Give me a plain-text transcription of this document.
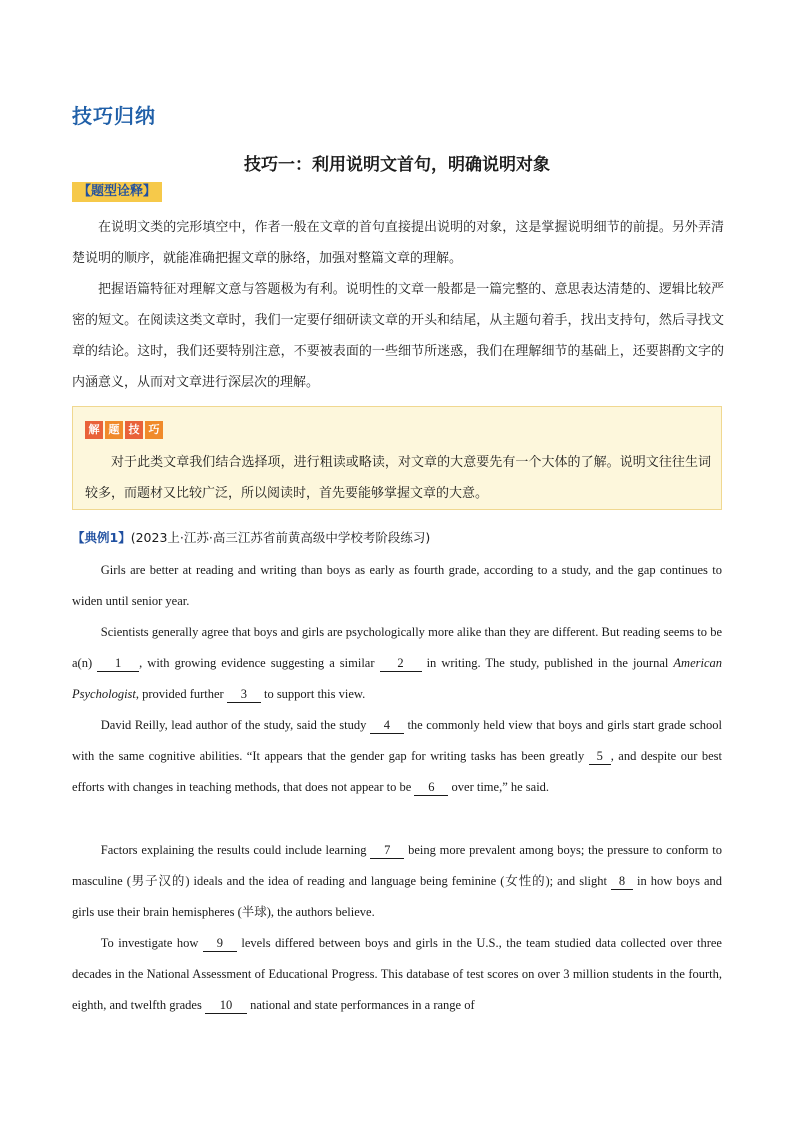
技巧归纳
技巧一：利用说明文首句，明确说明对象
【题型诠释】

在说明文类的完形填空中，作者一般在文章的首句直接提出说明的对象，这是掌握说明细节的前提。另外弄清楚说明的顺序，就能准确把握文章的脉络，加强对整篇文章的理解。

把握语篇特征对理解文意与答题极为有利。说明性的文章一般都是一篇完整的、意思表达清楚的、逻辑比较严密的短文。在阅读这类文章时，我们一定要仔细研读文章的开头和结尾，从主题句着手，找出支持句，然后寻找文章的结论。这时，我们还要特别注意，不要被表面的一些细节所迷惑，我们在理解细节的基础上，还要斟酌文字的内涵意义，从而对文章进行深层次的理解。

解 题 技 巧

对于此类文章我们结合选择项，进行粗读或略读，对文章的大意要先有一个大体的了解。说明文往往生词较多，而题材又比较广泛，所以阅读时，首先要能够掌握文章的大意。

【典例1】(2023上·江苏·高三江苏省前黄高级中学校考阶段练习)

Girls are better at reading and writing than boys as early as fourth grade, according to a study, and the gap continues to widen until senior year.

Scientists generally agree that boys and girls are psychologically more alike than they are different. But reading seems to be a(n) 1 , with growing evidence suggesting a similar 2 in writing. The study, published in the journal American Psychologist, provided further 3 to support this view.

David Reilly, lead author of the study, said the study 4 the commonly held view that boys and girls start grade school with the same cognitive abilities. “It appears that the gender gap for writing tasks has been greatly 5 , and despite our best efforts with changes in teaching methods, that does not appear to be 6 over time,” he said.

Factors explaining the results could include learning 7 being more prevalent among boys; the pressure to conform to masculine (男子汉的) ideals and the idea of reading and language being feminine (女性的); and slight 8 in how boys and girls use their brain hemispheres (半球), the authors believe.

To investigate how 9 levels differed between boys and girls in the U.S., the team studied data collected over three decades in the National Assessment of Educational Progress. This database of test scores on over 3 million students in the fourth, eighth, and twelfth grades 10 national and state performances in a range of
